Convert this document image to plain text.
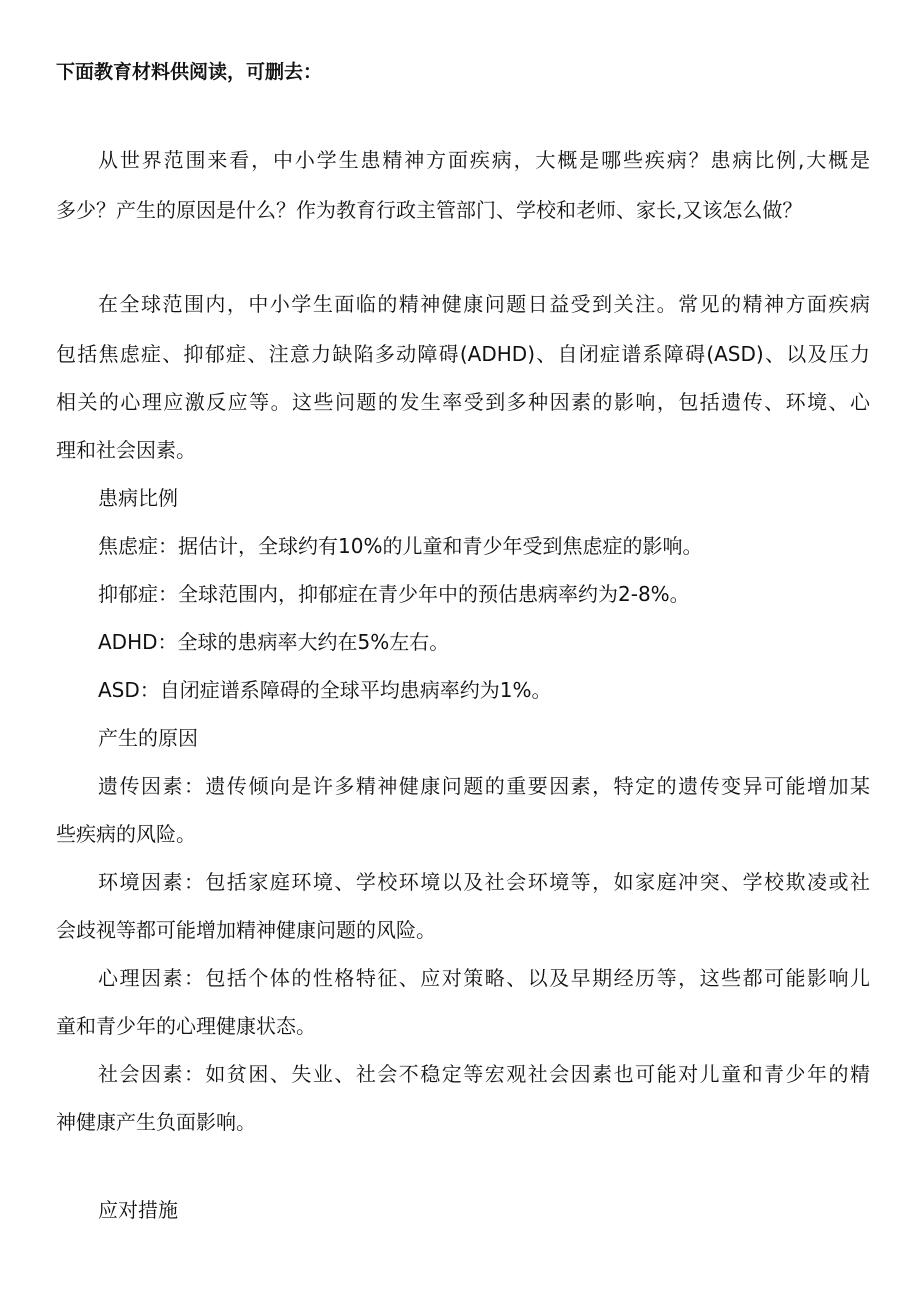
下面教育材料供阅读，可删去：
从世界范围来看，中小学生患精神方面疾病，大概是哪些疾病？患病比例,大概是
多少？产生的原因是什么？作为教育行政主管部门、学校和老师、家长,又该怎么做？
在全球范围内，中小学生面临的精神健康问题日益受到关注。常见的精神方面疾病
包括焦虑症、抑郁症、注意力缺陷多动障碍(ADHD)、自闭症谱系障碍(ASD)、以及压力
相关的心理应激反应等。这些问题的发生率受到多种因素的影响，包括遗传、环境、心
理和社会因素。
患病比例
焦虑症：据估计，全球约有10%的儿童和青少年受到焦虑症的影响。
抑郁症：全球范围内，抑郁症在青少年中的预估患病率约为2-8%。
ADHD：全球的患病率大约在5%左右。
ASD：自闭症谱系障碍的全球平均患病率约为1%。
产生的原因
遗传因素：遗传倾向是许多精神健康问题的重要因素，特定的遗传变异可能增加某
些疾病的风险。
环境因素：包括家庭环境、学校环境以及社会环境等，如家庭冲突、学校欺凌或社
会歧视等都可能增加精神健康问题的风险。
心理因素：包括个体的性格特征、应对策略、以及早期经历等，这些都可能影响儿
童和青少年的心理健康状态。
社会因素：如贫困、失业、社会不稳定等宏观社会因素也可能对儿童和青少年的精
神健康产生负面影响。
应对措施
